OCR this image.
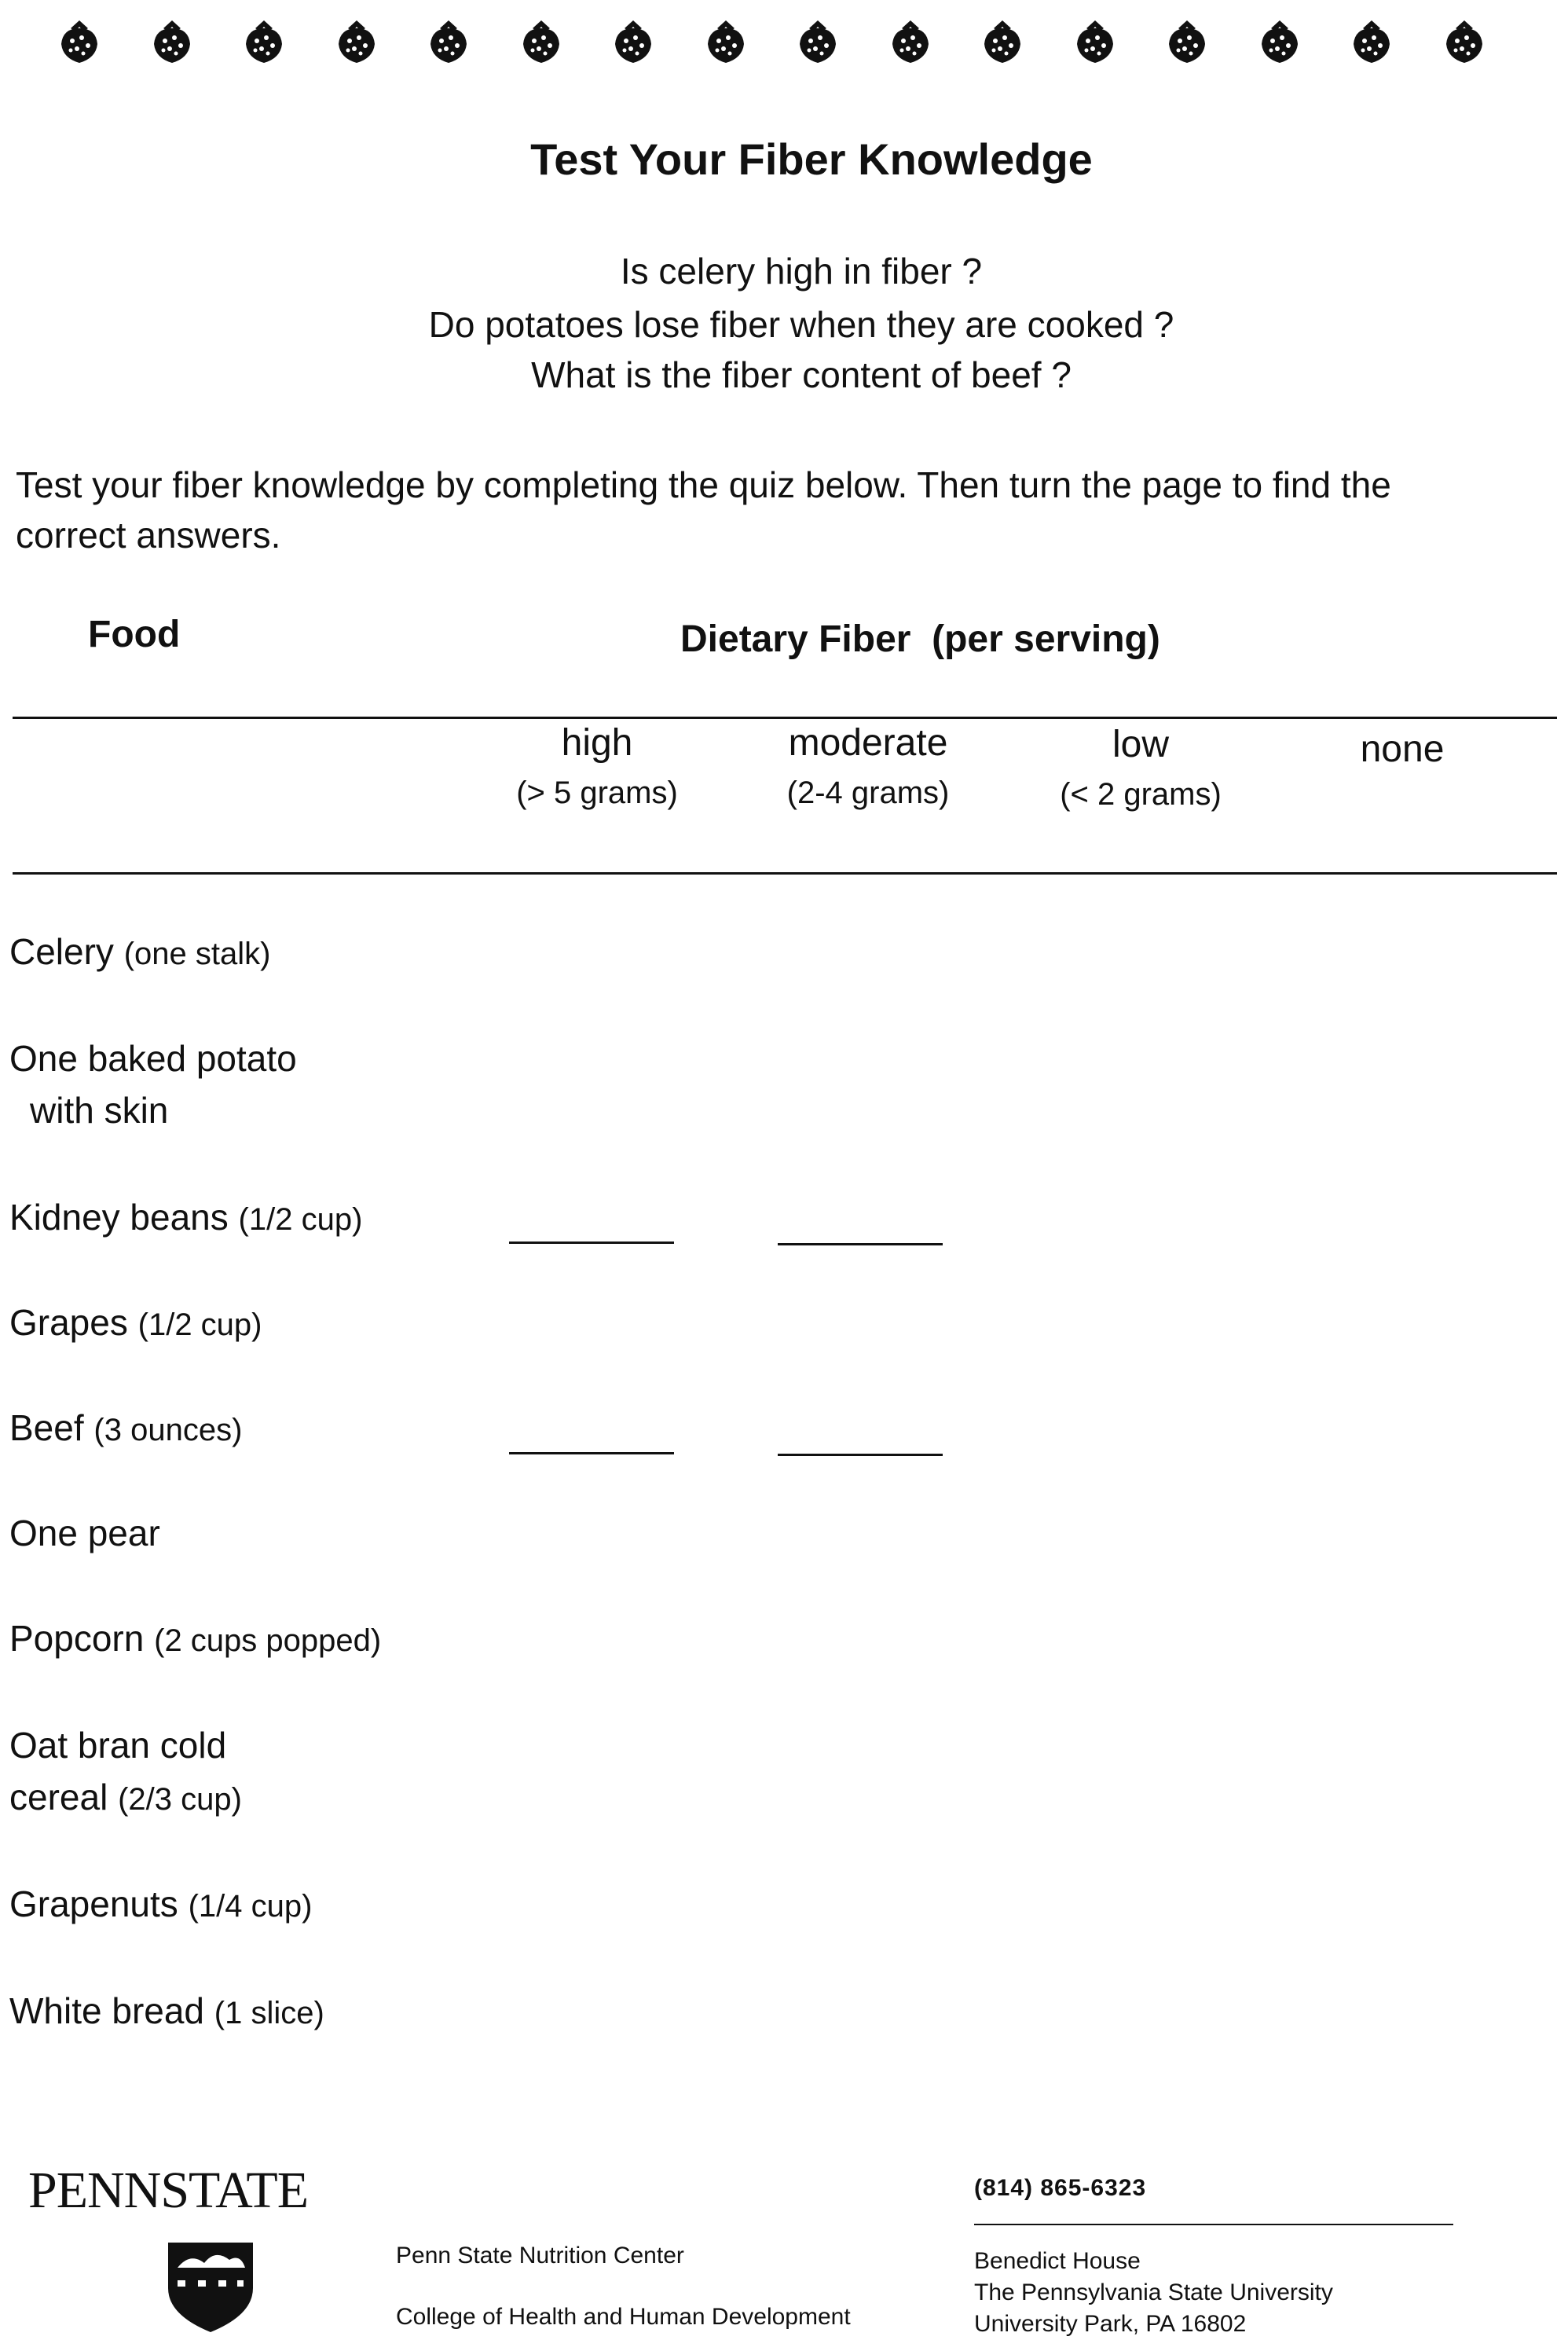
Test Your Fiber Knowledge
Is celery high in fiber ?
Do potatoes lose fiber when they are cooked ?
What is the fiber content of beef ?
Test your fiber knowledge by completing the quiz below. Then turn the page to find the correct answers.
Food	Dietary Fiber  (per serving)
high
(> 5 grams)
moderate
(2-4 grams)
low
(< 2 grams)
none
Celery (one stalk)
One baked potato
with skin
Kidney beans (1/2 cup)
Grapes (1/2 cup)
Beef (3 ounces)
One pear
Popcorn (2 cups popped)
Oat bran cold
cereal (2/3 cup)
Grapenuts (1/4 cup)
White bread (1 slice)
PENNSTATE	(814) 865-6323
Penn State Nutrition Center
College of Health and Human Development
Benedict House
The Pennsylvania State University
University Park, PA 16802
